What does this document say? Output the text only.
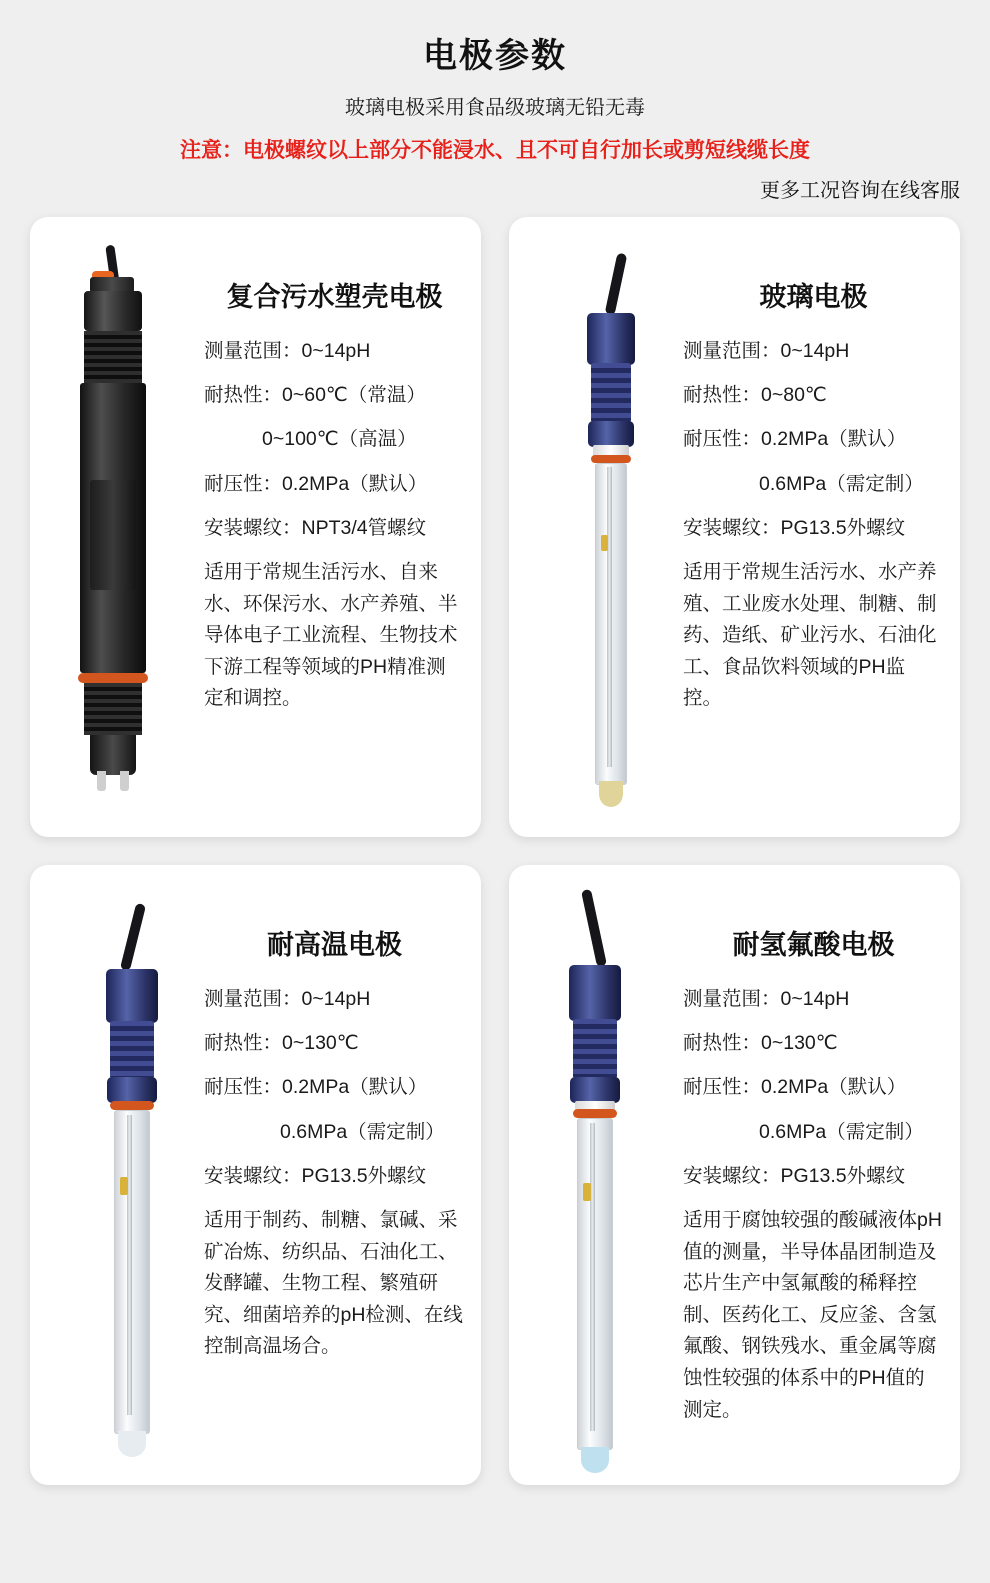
电极参数
玻璃电极采用食品级玻璃无铅无毒
注意：电极螺纹以上部分不能浸水、且不可自行加长或剪短线缆长度
更多工况咨询在线客服
复合污水塑壳电极
测量范围：0~14pH
耐热性：0~60℃（常温）
0~100℃（高温）
耐压性：0.2MPa（默认）
安装螺纹：NPT3/4管螺纹
适用于常规生活污水、自来水、环保污水、水产养殖、半导体电子工业流程、生物技术下游工程等领域的PH精准测定和调控。
玻璃电极
测量范围：0~14pH
耐热性：0~80℃
耐压性：0.2MPa（默认）
0.6MPa（需定制）
安装螺纹：PG13.5外螺纹
适用于常规生活污水、水产养殖、工业废水处理、制糖、制药、造纸、矿业污水、石油化工、食品饮料领域的PH监控。
耐高温电极
测量范围：0~14pH
耐热性：0~130℃
耐压性：0.2MPa（默认）
0.6MPa（需定制）
安装螺纹：PG13.5外螺纹
适用于制药、制糖、氯碱、采矿冶炼、纺织品、石油化工、发酵罐、生物工程、繁殖研究、细菌培养的pH检测、在线控制高温场合。
耐氢氟酸电极
测量范围：0~14pH
耐热性：0~130℃
耐压性：0.2MPa（默认）
0.6MPa（需定制）
安装螺纹：PG13.5外螺纹
适用于腐蚀较强的酸碱液体pH值的测量，半导体晶团制造及芯片生产中氢氟酸的稀释控制、医药化工、反应釜、含氢氟酸、钢铁残水、重金属等腐蚀性较强的体系中的PH值的测定。
